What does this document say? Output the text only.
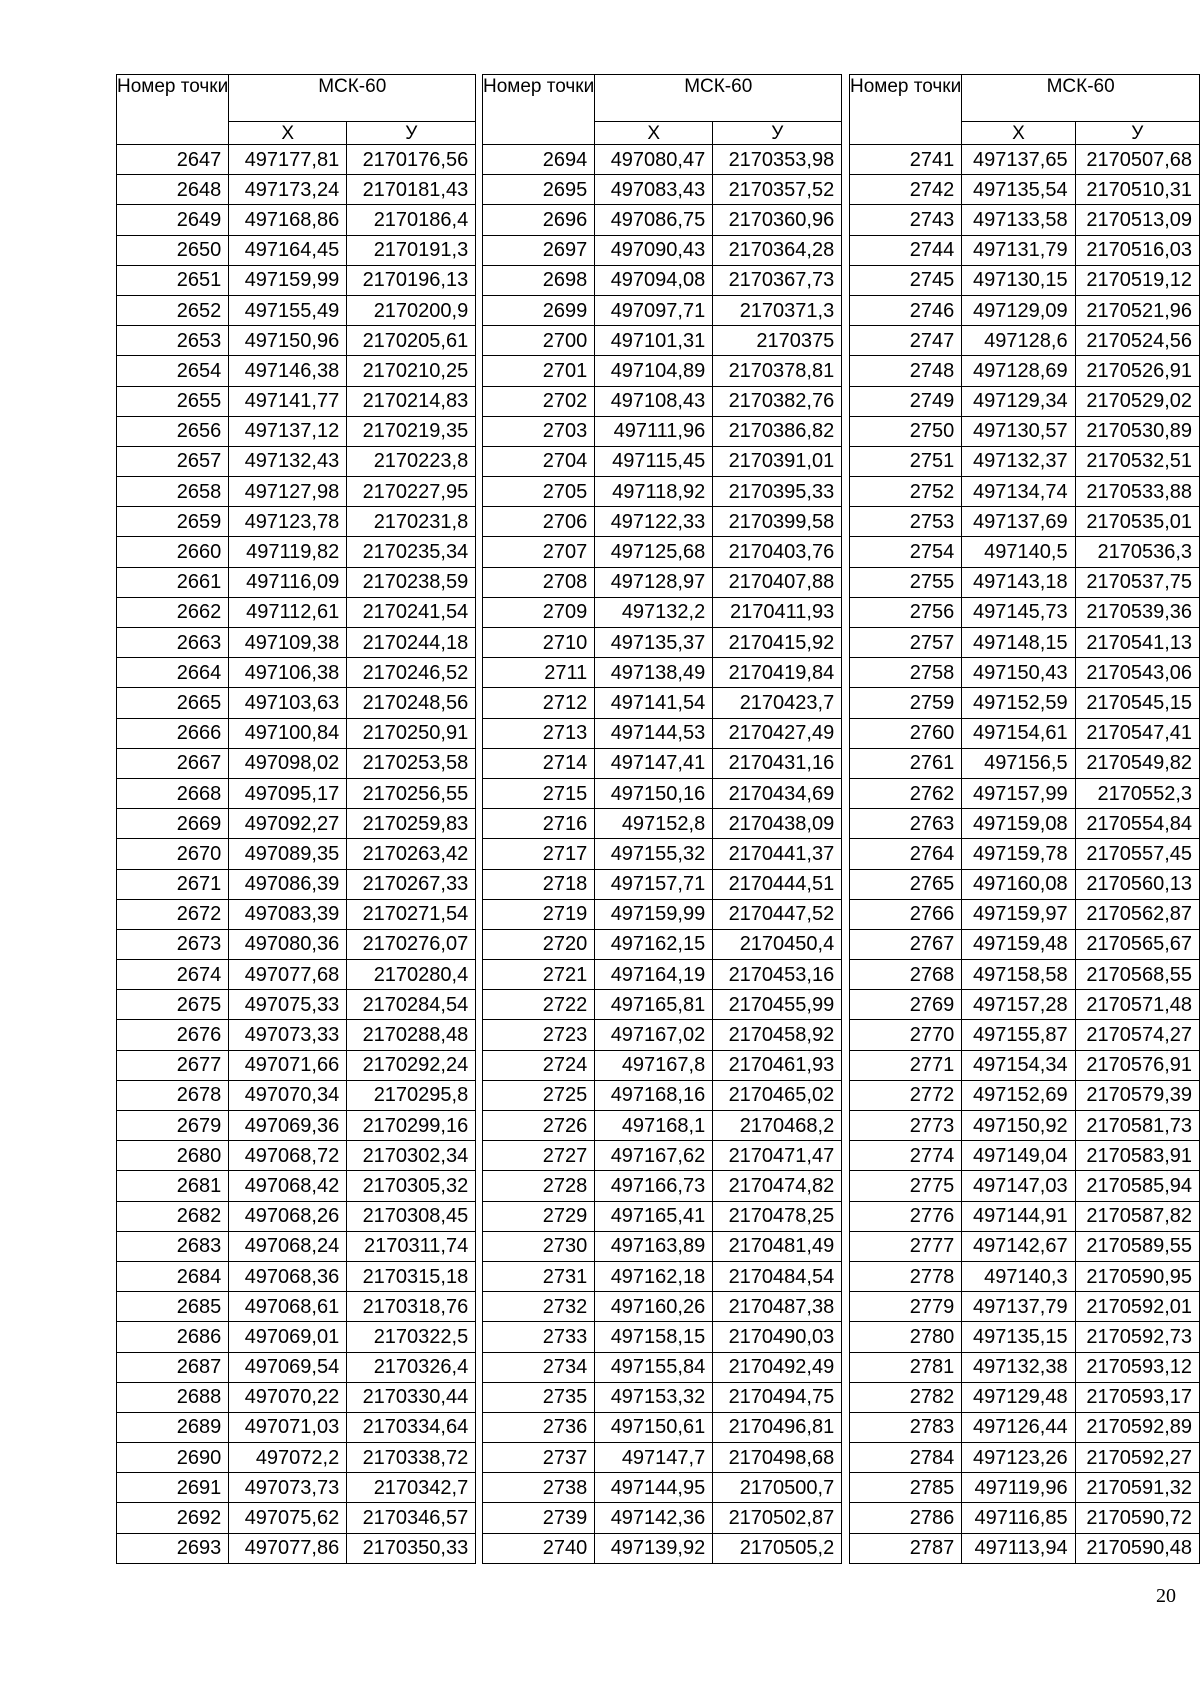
Номер точки	МСК-60	
	Х	У
2647	497177,81	2170176,56
2648	497173,24	2170181,43
2649	497168,86	2170186,4
2650	497164,45	2170191,3
2651	497159,99	2170196,13
2652	497155,49	2170200,9
2653	497150,96	2170205,61
2654	497146,38	2170210,25
2655	497141,77	2170214,83
2656	497137,12	2170219,35
2657	497132,43	2170223,8
2658	497127,98	2170227,95
2659	497123,78	2170231,8
2660	497119,82	2170235,34
2661	497116,09	2170238,59
2662	497112,61	2170241,54
2663	497109,38	2170244,18
2664	497106,38	2170246,52
2665	497103,63	2170248,56
2666	497100,84	2170250,91
2667	497098,02	2170253,58
2668	497095,17	2170256,55
2669	497092,27	2170259,83
2670	497089,35	2170263,42
2671	497086,39	2170267,33
2672	497083,39	2170271,54
2673	497080,36	2170276,07
2674	497077,68	2170280,4
2675	497075,33	2170284,54
2676	497073,33	2170288,48
2677	497071,66	2170292,24
2678	497070,34	2170295,8
2679	497069,36	2170299,16
2680	497068,72	2170302,34
2681	497068,42	2170305,32
2682	497068,26	2170308,45
2683	497068,24	2170311,74
2684	497068,36	2170315,18
2685	497068,61	2170318,76
2686	497069,01	2170322,5
2687	497069,54	2170326,4
2688	497070,22	2170330,44
2689	497071,03	2170334,64
2690	497072,2	2170338,72
2691	497073,73	2170342,7
2692	497075,62	2170346,57
2693	497077,86	2170350,33
Номер точки	МСК-60	
	Х	У
2694	497080,47	2170353,98
2695	497083,43	2170357,52
2696	497086,75	2170360,96
2697	497090,43	2170364,28
2698	497094,08	2170367,73
2699	497097,71	2170371,3
2700	497101,31	2170375
2701	497104,89	2170378,81
2702	497108,43	2170382,76
2703	497111,96	2170386,82
2704	497115,45	2170391,01
2705	497118,92	2170395,33
2706	497122,33	2170399,58
2707	497125,68	2170403,76
2708	497128,97	2170407,88
2709	497132,2	2170411,93
2710	497135,37	2170415,92
2711	497138,49	2170419,84
2712	497141,54	2170423,7
2713	497144,53	2170427,49
2714	497147,41	2170431,16
2715	497150,16	2170434,69
2716	497152,8	2170438,09
2717	497155,32	2170441,37
2718	497157,71	2170444,51
2719	497159,99	2170447,52
2720	497162,15	2170450,4
2721	497164,19	2170453,16
2722	497165,81	2170455,99
2723	497167,02	2170458,92
2724	497167,8	2170461,93
2725	497168,16	2170465,02
2726	497168,1	2170468,2
2727	497167,62	2170471,47
2728	497166,73	2170474,82
2729	497165,41	2170478,25
2730	497163,89	2170481,49
2731	497162,18	2170484,54
2732	497160,26	2170487,38
2733	497158,15	2170490,03
2734	497155,84	2170492,49
2735	497153,32	2170494,75
2736	497150,61	2170496,81
2737	497147,7	2170498,68
2738	497144,95	2170500,7
2739	497142,36	2170502,87
2740	497139,92	2170505,2
Номер точки	МСК-60	
	Х	У
2741	497137,65	2170507,68
2742	497135,54	2170510,31
2743	497133,58	2170513,09
2744	497131,79	2170516,03
2745	497130,15	2170519,12
2746	497129,09	2170521,96
2747	497128,6	2170524,56
2748	497128,69	2170526,91
2749	497129,34	2170529,02
2750	497130,57	2170530,89
2751	497132,37	2170532,51
2752	497134,74	2170533,88
2753	497137,69	2170535,01
2754	497140,5	2170536,3
2755	497143,18	2170537,75
2756	497145,73	2170539,36
2757	497148,15	2170541,13
2758	497150,43	2170543,06
2759	497152,59	2170545,15
2760	497154,61	2170547,41
2761	497156,5	2170549,82
2762	497157,99	2170552,3
2763	497159,08	2170554,84
2764	497159,78	2170557,45
2765	497160,08	2170560,13
2766	497159,97	2170562,87
2767	497159,48	2170565,67
2768	497158,58	2170568,55
2769	497157,28	2170571,48
2770	497155,87	2170574,27
2771	497154,34	2170576,91
2772	497152,69	2170579,39
2773	497150,92	2170581,73
2774	497149,04	2170583,91
2775	497147,03	2170585,94
2776	497144,91	2170587,82
2777	497142,67	2170589,55
2778	497140,3	2170590,95
2779	497137,79	2170592,01
2780	497135,15	2170592,73
2781	497132,38	2170593,12
2782	497129,48	2170593,17
2783	497126,44	2170592,89
2784	497123,26	2170592,27
2785	497119,96	2170591,32
2786	497116,85	2170590,72
2787	497113,94	2170590,48
20
